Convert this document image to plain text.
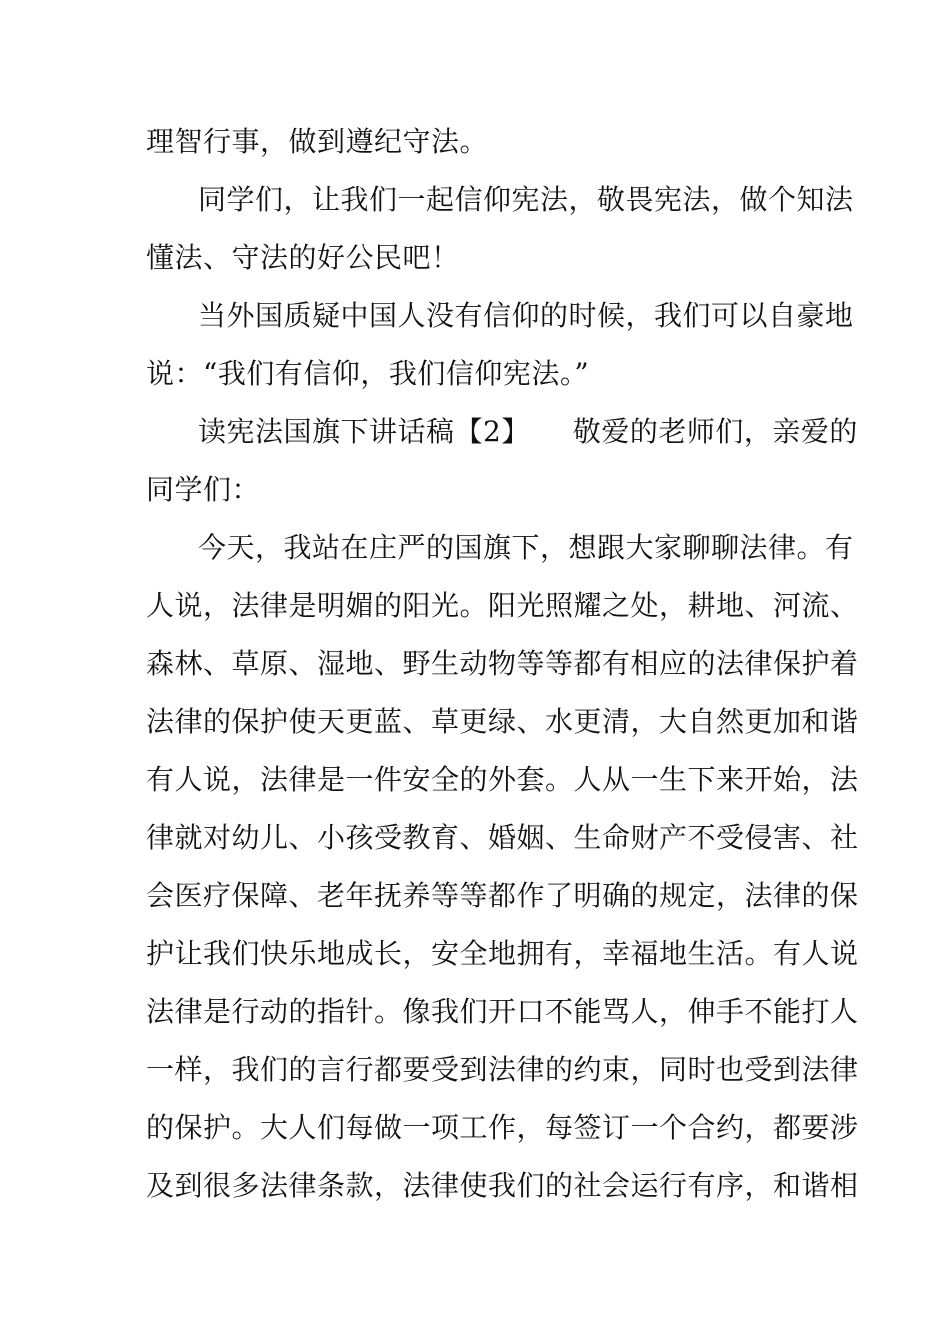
理智行事，做到遵纪守法。
同学们，让我们一起信仰宪法，敬畏宪法，做个知法
懂法、守法的好公民吧！
当外国质疑中国人没有信仰的时候，我们可以自豪地
说：“我们有信仰，我们信仰宪法。”
读宪法国旗下讲话稿【2】　　敬爱的老师们，亲爱的
同学们：
今天，我站在庄严的国旗下，想跟大家聊聊法律。有
人说，法律是明媚的阳光。阳光照耀之处，耕地、河流、
森林、草原、湿地、野生动物等等都有相应的法律保护着
法律的保护使天更蓝、草更绿、水更清，大自然更加和谐
有人说，法律是一件安全的外套。人从一生下来开始，法
律就对幼儿、小孩受教育、婚姻、生命财产不受侵害、社
会医疗保障、老年抚养等等都作了明确的规定，法律的保
护让我们快乐地成长，安全地拥有，幸福地生活。有人说
法律是行动的指针。像我们开口不能骂人，伸手不能打人
一样，我们的言行都要受到法律的约束，同时也受到法律
的保护。大人们每做一项工作，每签订一个合约，都要涉
及到很多法律条款，法律使我们的社会运行有序，和谐相
